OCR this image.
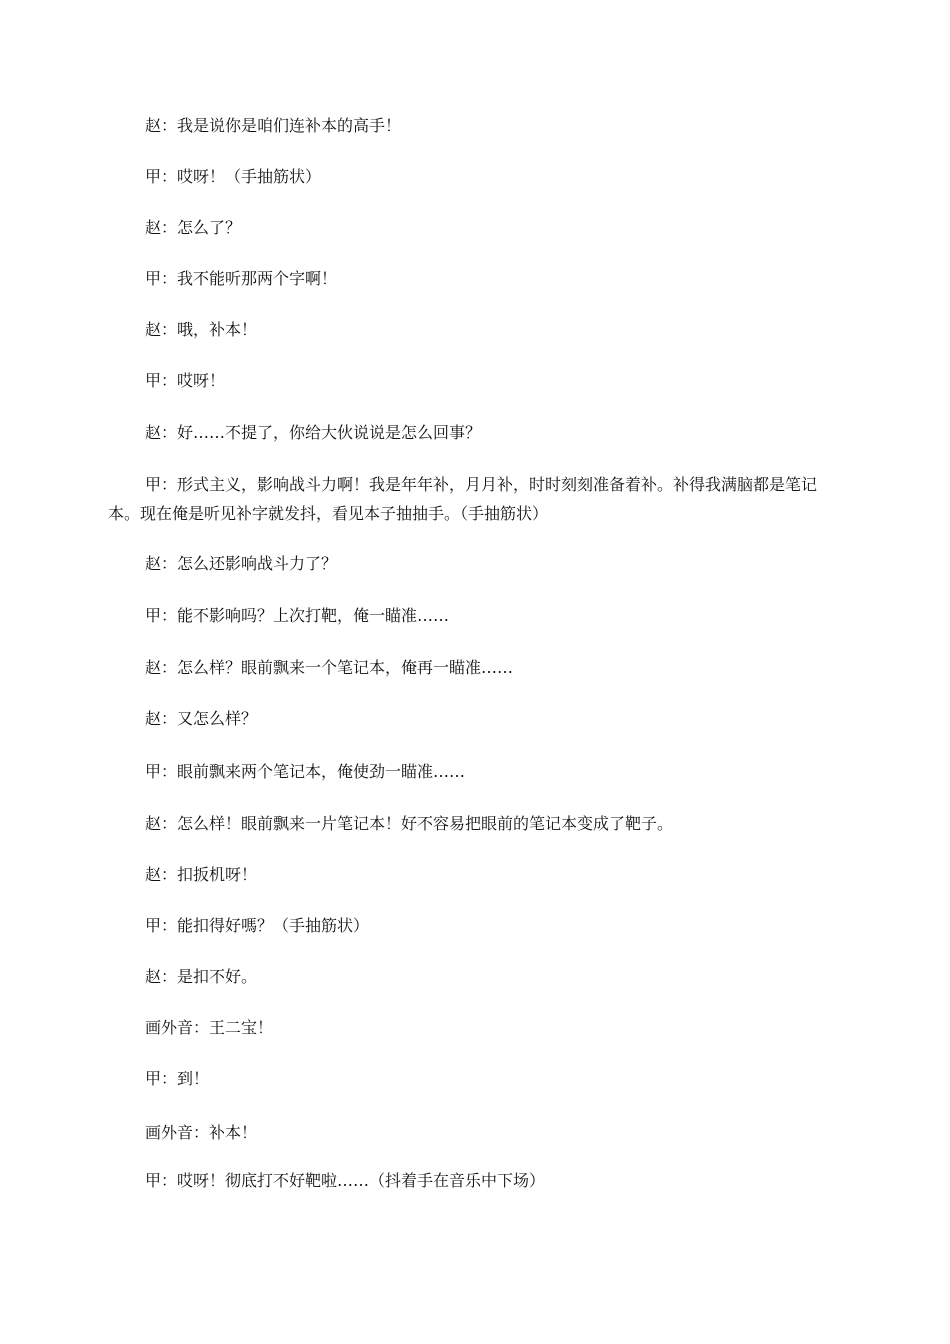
赵：我是说你是咱们连补本的高手！
甲：哎呀！（手抽筋状）
赵：怎么了？
甲：我不能听那两个字啊！
赵：哦，补本！
甲：哎呀！
赵：好……不提了，你给大伙说说是怎么回事？
甲：形式主义，影响战斗力啊！我是年年补，月月补，时时刻刻准备着补。补得我满脑都是笔记本。现在俺是听见补字就发抖，看见本子抽抽手。（手抽筋状）
赵：怎么还影响战斗力了？
甲：能不影响吗？上次打靶，俺一瞄准……
赵：怎么样？眼前飘来一个笔记本，俺再一瞄准……
赵：又怎么样？
甲：眼前飘来两个笔记本，俺使劲一瞄准……
赵：怎么样！眼前飘来一片笔记本！好不容易把眼前的笔记本变成了靶子。
赵：扣扳机呀！
甲：能扣得好嗎？（手抽筋状）
赵：是扣不好。
画外音：王二宝！
甲：到！
画外音：补本！
甲：哎呀！彻底打不好靶啦……（抖着手在音乐中下场）
